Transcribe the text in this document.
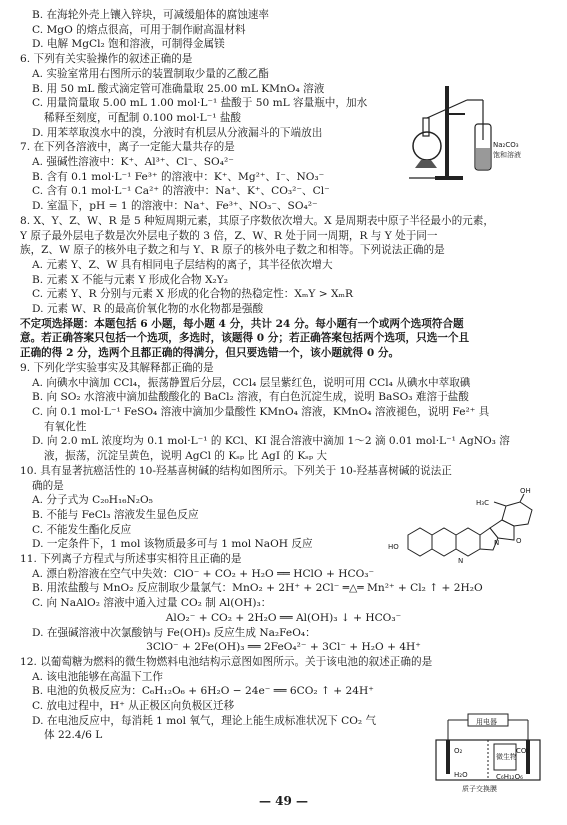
B. 在海轮外壳上镶入锌块，可减缓船体的腐蚀速率
C. MgO 的熔点很高，可用于制作耐高温材料
D. 电解 MgCl₂ 饱和溶液，可制得金属镁
6. 下列有关实验操作的叙述正确的是
A. 实验室常用右图所示的装置制取少量的乙酸乙酯
B. 用 50 mL 酸式滴定管可准确量取 25.00 mL KMnO₄ 溶液
C. 用量筒量取 5.00 mL 1.00 mol·L⁻¹ 盐酸于 50 mL 容量瓶中，加水
稀释至刻度，可配制 0.100 mol·L⁻¹ 盐酸
D. 用苯萃取溴水中的溴，分液时有机层从分液漏斗的下端放出
7. 在下列各溶液中，离子一定能大量共存的是
A. 强碱性溶液中：K⁺、Al³⁺、Cl⁻、SO₄²⁻
B. 含有 0.1 mol·L⁻¹ Fe³⁺ 的溶液中：K⁺、Mg²⁺、I⁻、NO₃⁻
C. 含有 0.1 mol·L⁻¹ Ca²⁺ 的溶液中：Na⁺、K⁺、CO₃²⁻、Cl⁻
D. 室温下，pH = 1 的溶液中：Na⁺、Fe³⁺、NO₃⁻、SO₄²⁻
8. X、Y、Z、W、R 是 5 种短周期元素，其原子序数依次增大。X 是周期表中原子半径最小的元素，
Y 原子最外层电子数是次外层电子数的 3 倍，Z、W、R 处于同一周期，R 与 Y 处于同一
族，Z、W 原子的核外电子数之和与 Y、R 原子的核外电子数之和相等。下列说法正确的是
A. 元素 Y、Z、W 具有相同电子层结构的离子，其半径依次增大
B. 元素 X 不能与元素 Y 形成化合物 X₂Y₂
C. 元素 Y、R 分别与元素 X 形成的化合物的热稳定性：XₘY > XₘR
D. 元素 W、R 的最高价氧化物的水化物都是强酸
不定项选择题：本题包括 6 小题，每小题 4 分，共计 24 分。每小题有一个或两个选项符合题
意。若正确答案只包括一个选项，多选时，该题得 0 分；若正确答案包括两个选项，只选一个且
正确的得 2 分，选两个且都正确的得满分，但只要选错一个，该小题就得 0 分。
9. 下列化学实验事实及其解释都正确的是
A. 向碘水中滴加 CCl₄，振荡静置后分层，CCl₄ 层呈紫红色，说明可用 CCl₄ 从碘水中萃取碘
B. 向 SO₂ 水溶液中滴加盐酸酸化的 BaCl₂ 溶液，有白色沉淀生成，说明 BaSO₃ 难溶于盐酸
C. 向 0.1 mol·L⁻¹ FeSO₄ 溶液中滴加少量酸性 KMnO₄ 溶液，KMnO₄ 溶液褪色，说明 Fe²⁺ 具
有氧化性
D. 向 2.0 mL 浓度均为 0.1 mol·L⁻¹ 的 KCl、KI 混合溶液中滴加 1～2 滴 0.01 mol·L⁻¹ AgNO₃ 溶
液，振荡，沉淀呈黄色，说明 AgCl 的 Kₛₚ 比 AgI 的 Kₛₚ 大
10. 具有显著抗癌活性的 10-羟基喜树碱的结构如图所示。下列关于 10-羟基喜树碱的说法正
确的是
A. 分子式为 C₂₀H₁₆N₂O₅
B. 不能与 FeCl₃ 溶液发生显色反应
C. 不能发生酯化反应
D. 一定条件下，1 mol 该物质最多可与 1 mol NaOH 反应
11. 下列离子方程式与所述事实相符且正确的是
A. 漂白粉溶液在空气中失效：ClO⁻ + CO₂ + H₂O ══ HClO + HCO₃⁻
B. 用浓盐酸与 MnO₂ 反应制取少量氯气：MnO₂ + 2H⁺ + 2Cl⁻ ═△═ Mn²⁺ + Cl₂ ↑ + 2H₂O
C. 向 NaAlO₂ 溶液中通入过量 CO₂ 制 Al(OH)₃：
AlO₂⁻ + CO₂ + 2H₂O ══ Al(OH)₃ ↓ + HCO₃⁻
D. 在强碱溶液中次氯酸钠与 Fe(OH)₃ 反应生成 Na₂FeO₄：
3ClO⁻ + 2Fe(OH)₃ ══ 2FeO₄²⁻ + 3Cl⁻ + H₂O + 4H⁺
12. 以葡萄糖为燃料的微生物燃料电池结构示意图如图所示。关于该电池的叙述正确的是
A. 该电池能够在高温下工作
B. 电池的负极反应为：C₆H₁₂O₆ + 6H₂O − 24e⁻ ══ 6CO₂ ↑ + 24H⁺
C. 放电过程中，H⁺ 从正极区向负极区迁移
D. 在电池反应中，每消耗 1 mol 氧气，理论上能生成标准状况下 CO₂ 气
体 22.4/6 L
Na₂CO₃
饱和溶液
OH
H₃C
O
N
N
HO
用电器
微生物
O₂
H₂O
CO₂
C₆H₁₂O₆
质子交换膜
— 49 —
